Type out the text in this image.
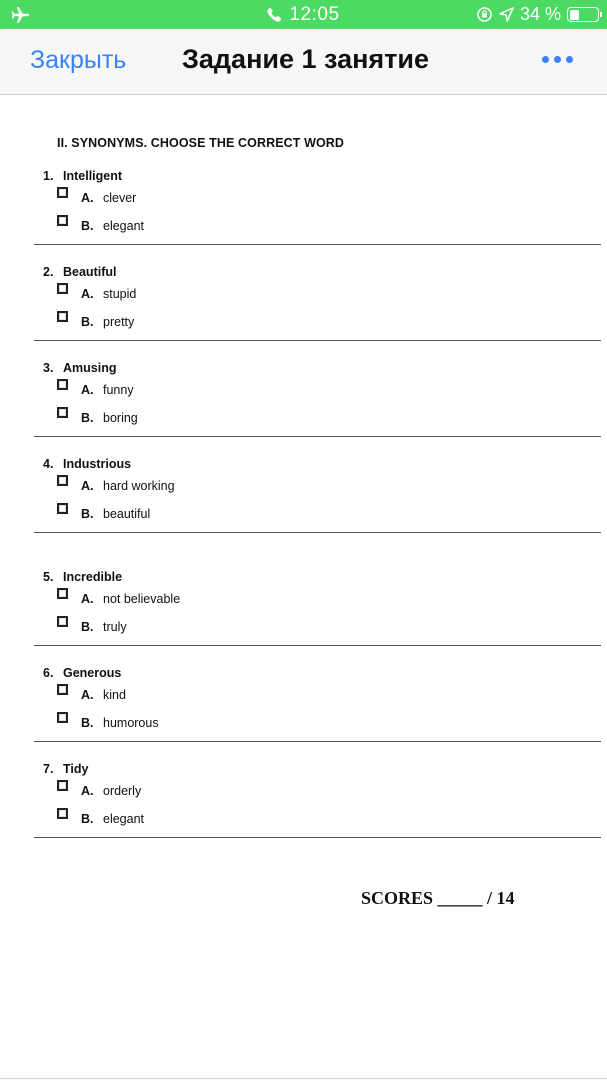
12:05	34 %
Закрыть	Задание 1 занятие
II. SYNONYMS. CHOOSE THE CORRECT WORD
1. Intelligent
A. clever
B. elegant
2. Beautiful
A. stupid
B. pretty
3. Amusing
A. funny
B. boring
4. Industrious
A. hard working
B. beautiful
5. Incredible
A. not believable
B. truly
6. Generous
A. kind
B. humorous
7. Tidy
A. orderly
B. elegant
SCORES _____ / 14
